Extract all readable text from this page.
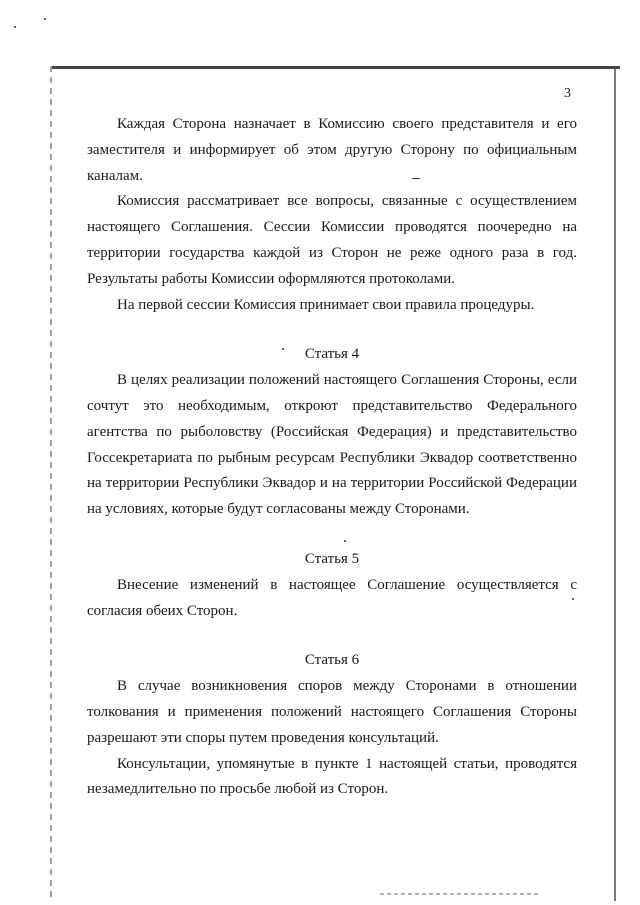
3

Каждая Сторона назначает в Комиссию своего представителя и его заместителя и информирует об этом другую Сторону по официальным каналам.

Комиссия рассматривает все вопросы, связанные с осуществлением настоящего Соглашения. Сессии Комиссии проводятся поочередно на территории государства каждой из Сторон не реже одного раза в год. Результаты работы Комиссии оформляются протоколами.

На первой сессии Комиссия принимает свои правила процедуры.

Статья 4

В целях реализации положений настоящего Соглашения Стороны, если сочтут это необходимым, откроют представительство Федерального агентства по рыболовству (Российская Федерация) и представительство Госсекретариата по рыбным ресурсам Республики Эквадор соответственно на территории Республики Эквадор и на территории Российской Федерации на условиях, которые будут согласованы между Сторонами.

Статья 5

Внесение изменений в настоящее Соглашение осуществляется с согласия обеих Сторон.

Статья 6

В случае возникновения споров между Сторонами в отношении толкования и применения положений настоящего Соглашения Стороны разрешают эти споры путем проведения консультаций.

Консультации, упомянутые в пункте 1 настоящей статьи, проводятся незамедлительно по просьбе любой из Сторон.
